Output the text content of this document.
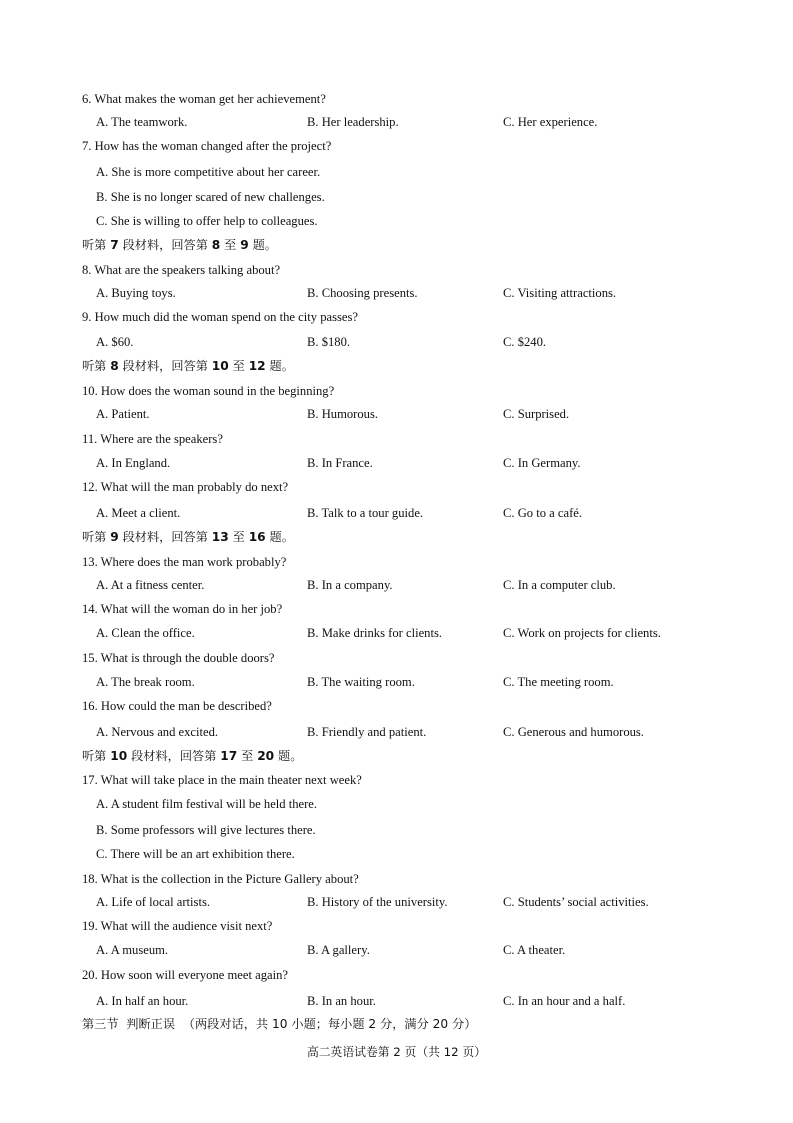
6. What makes the woman get her achievement?
A. The teamwork.	B. Her leadership.	C. Her experience.
7. How has the woman changed after the project?
A. She is more competitive about her career.
B. She is no longer scared of new challenges.
C. She is willing to offer help to colleagues.
听第 7 段材料，回答第 8 至 9 题。
8. What are the speakers talking about?
A. Buying toys.	B. Choosing presents.	C. Visiting attractions.
9. How much did the woman spend on the city passes?
A. $60.	B. $180.	C. $240.
听第 8 段材料，回答第 10 至 12 题。
10. How does the woman sound in the beginning?
A. Patient.	B. Humorous.	C. Surprised.
11. Where are the speakers?
A. In England.	B. In France.	C. In Germany.
12. What will the man probably do next?
A. Meet a client.	B. Talk to a tour guide.	C. Go to a café.
听第 9 段材料，回答第 13 至 16 题。
13. Where does the man work probably?
A. At a fitness center.	B. In a company.	C. In a computer club.
14. What will the woman do in her job?
A. Clean the office.	B. Make drinks for clients.	C. Work on projects for clients.
15. What is through the double doors?
A. The break room.	B. The waiting room.	C. The meeting room.
16. How could the man be described?
A. Nervous and excited.	B. Friendly and patient.	C. Generous and humorous.
听第 10 段材料，回答第 17 至 20 题。
17. What will take place in the main theater next week?
A. A student film festival will be held there.
B. Some professors will give lectures there.
C. There will be an art exhibition there.
18. What is the collection in the Picture Gallery about?
A. Life of local artists.	B. History of the university.	C. Students’ social activities.
19. What will the audience visit next?
A. A museum.	B. A gallery.	C. A theater.
20. How soon will everyone meet again?
A. In half an hour.	B. In an hour.	C. In an hour and a half.
第三节  判断正误  （两段对话，共 10 小题；每小题 2 分，满分 20 分）
高二英语试卷第 2 页（共 12 页）
